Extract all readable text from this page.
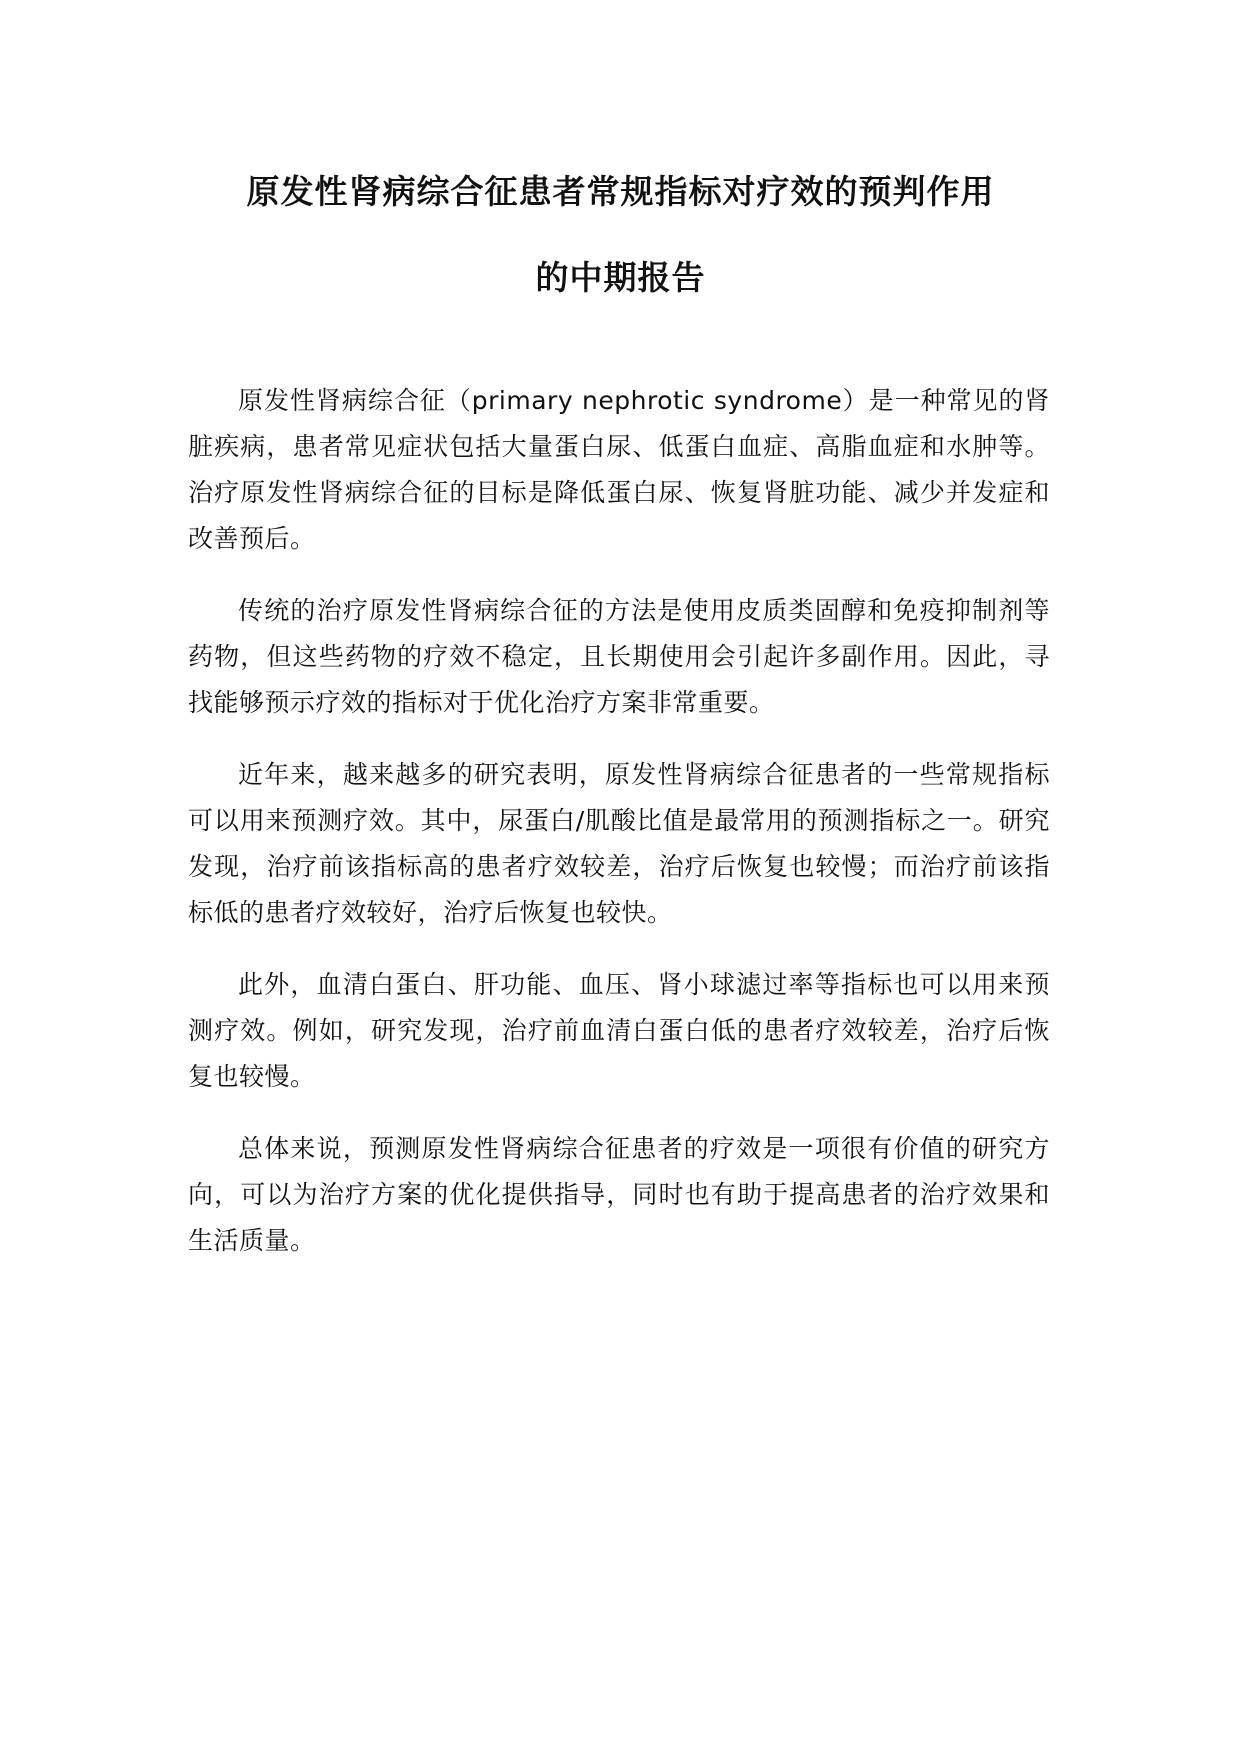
原发性肾病综合征患者常规指标对疗效的预判作用
的中期报告

原发性肾病综合征（primary nephrotic syndrome）是一种常见的肾脏疾病，患者常见症状包括大量蛋白尿、低蛋白血症、高脂血症和水肿等。治疗原发性肾病综合征的目标是降低蛋白尿、恢复肾脏功能、减少并发症和改善预后。

传统的治疗原发性肾病综合征的方法是使用皮质类固醇和免疫抑制剂等药物，但这些药物的疗效不稳定，且长期使用会引起许多副作用。因此，寻找能够预示疗效的指标对于优化治疗方案非常重要。

近年来，越来越多的研究表明，原发性肾病综合征患者的一些常规指标可以用来预测疗效。其中，尿蛋白/肌酸比值是最常用的预测指标之一。研究发现，治疗前该指标高的患者疗效较差，治疗后恢复也较慢；而治疗前该指标低的患者疗效较好，治疗后恢复也较快。

此外，血清白蛋白、肝功能、血压、肾小球滤过率等指标也可以用来预测疗效。例如，研究发现，治疗前血清白蛋白低的患者疗效较差，治疗后恢复也较慢。

总体来说，预测原发性肾病综合征患者的疗效是一项很有价值的研究方向，可以为治疗方案的优化提供指导，同时也有助于提高患者的治疗效果和生活质量。
